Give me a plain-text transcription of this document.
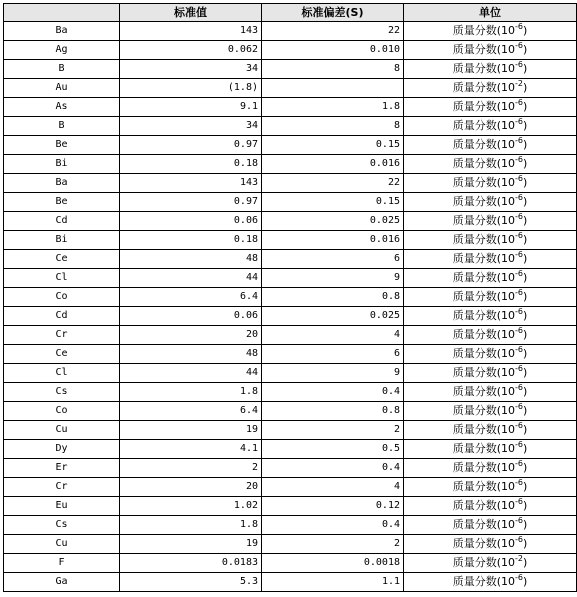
	标准值	标准偏差(S)	单位
Ba	143	22	质量分数$(10^{-6})$
Ag	0.062	0.010	质量分数$(10^{-6})$
B	34	8	质量分数$(10^{-6})$
Au	(1.8)		质量分数$(10^{-2})$
As	9.1	1.8	质量分数$(10^{-6})$
B	34	8	质量分数$(10^{-6})$
Be	0.97	0.15	质量分数$(10^{-6})$
Bi	0.18	0.016	质量分数$(10^{-6})$
Ba	143	22	质量分数$(10^{-6})$
Be	0.97	0.15	质量分数$(10^{-6})$
Cd	0.06	0.025	质量分数$(10^{-6})$
Bi	0.18	0.016	质量分数$(10^{-6})$
Ce	48	6	质量分数$(10^{-6})$
Cl	44	9	质量分数$(10^{-6})$
Co	6.4	0.8	质量分数$(10^{-6})$
Cd	0.06	0.025	质量分数$(10^{-6})$
Cr	20	4	质量分数$(10^{-6})$
Ce	48	6	质量分数$(10^{-6})$
Cl	44	9	质量分数$(10^{-6})$
Cs	1.8	0.4	质量分数$(10^{-6})$
Co	6.4	0.8	质量分数$(10^{-6})$
Cu	19	2	质量分数$(10^{-6})$
Dy	4.1	0.5	质量分数$(10^{-6})$
Er	2	0.4	质量分数$(10^{-6})$
Cr	20	4	质量分数$(10^{-6})$
Eu	1.02	0.12	质量分数$(10^{-6})$
Cs	1.8	0.4	质量分数$(10^{-6})$
Cu	19	2	质量分数$(10^{-6})$
F	0.0183	0.0018	质量分数$(10^{-2})$
Ga	5.3	1.1	质量分数$(10^{-6})$
